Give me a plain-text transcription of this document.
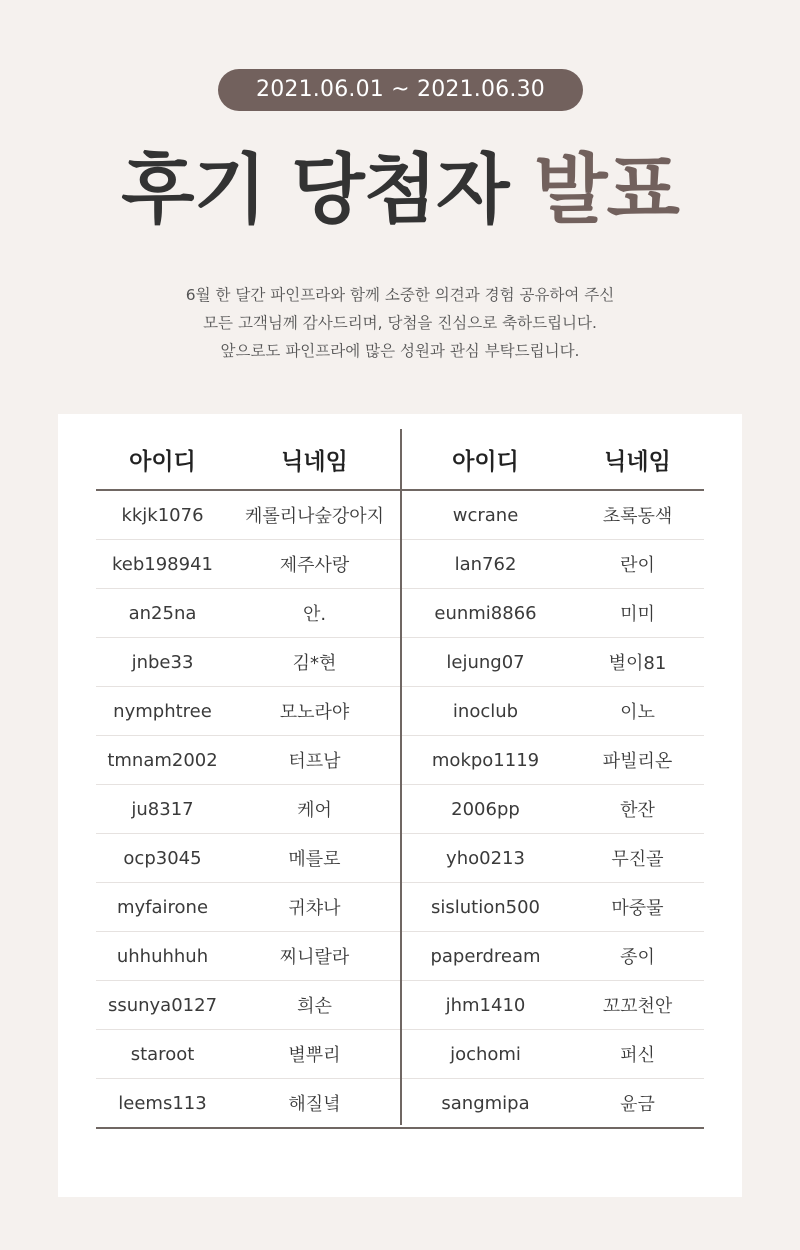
2021.06.01 ~ 2021.06.30
후기 당첨자 발표
6월 한 달간 파인프라와 함께 소중한 의견과 경험 공유하여 주신
모든 고객님께 감사드리며, 당첨을 진심으로 축하드립니다.
앞으로도 파인프라에 많은 성원과 관심 부탁드립니다.
아이디	닉네임	아이디	닉네임
kkjk1076	케롤리나숲강아지	wcrane	초록동색
keb198941	제주사랑	lan762	란이
an25na	안.	eunmi8866	미미
jnbe33	김*현	lejung07	별이81
nymphtree	모노라야	inoclub	이노
tmnam2002	터프남	mokpo1119	파빌리온
ju8317	케어	2006pp	한잔
ocp3045	메를로	yho0213	무진골
myfairone	귀챠나	sislution500	마중물
uhhuhhuh	찌니랄라	paperdream	종이
ssunya0127	희손	jhm1410	꼬꼬천안
staroot	별뿌리	jochomi	퍼신
leems113	해질녘	sangmipa	윤금
